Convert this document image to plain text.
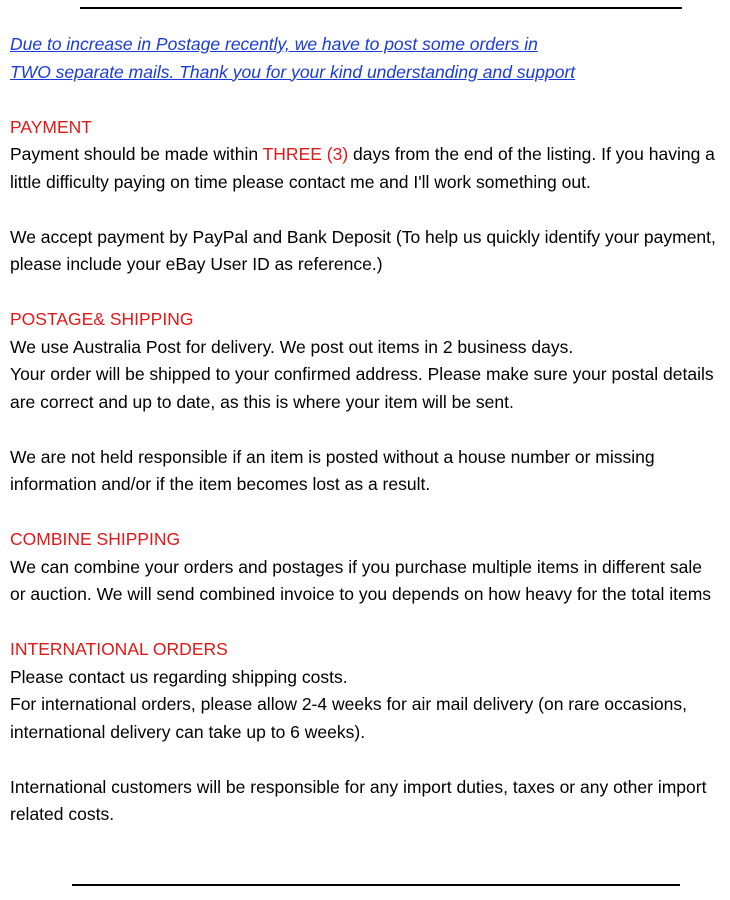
Due to increase in Postage recently, we have to post some orders in
TWO separate mails. Thank you for your kind understanding and support

PAYMENT

Payment should be made within THREE (3) days from the end of the listing. If you having a little difficulty paying on time please contact me and I'll work something out.

We accept payment by PayPal and Bank Deposit (To help us quickly identify your payment, please include your eBay User ID as reference.)

POSTAGE& SHIPPING

We use Australia Post for delivery. We post out items in 2 business days.

Your order will be shipped to your confirmed address. Please make sure your postal details are correct and up to date, as this is where your item will be sent.

We are not held responsible if an item is posted without a house number or missing information and/or if the item becomes lost as a result.

COMBINE SHIPPING

We can combine your orders and postages if you purchase multiple items in different sale or auction. We will send combined invoice to you depends on how heavy for the total items

INTERNATIONAL ORDERS

Please contact us regarding shipping costs.

For international orders, please allow 2-4 weeks for air mail delivery (on rare occasions, international delivery can take up to 6 weeks).

International customers will be responsible for any import duties, taxes or any other import related costs.
